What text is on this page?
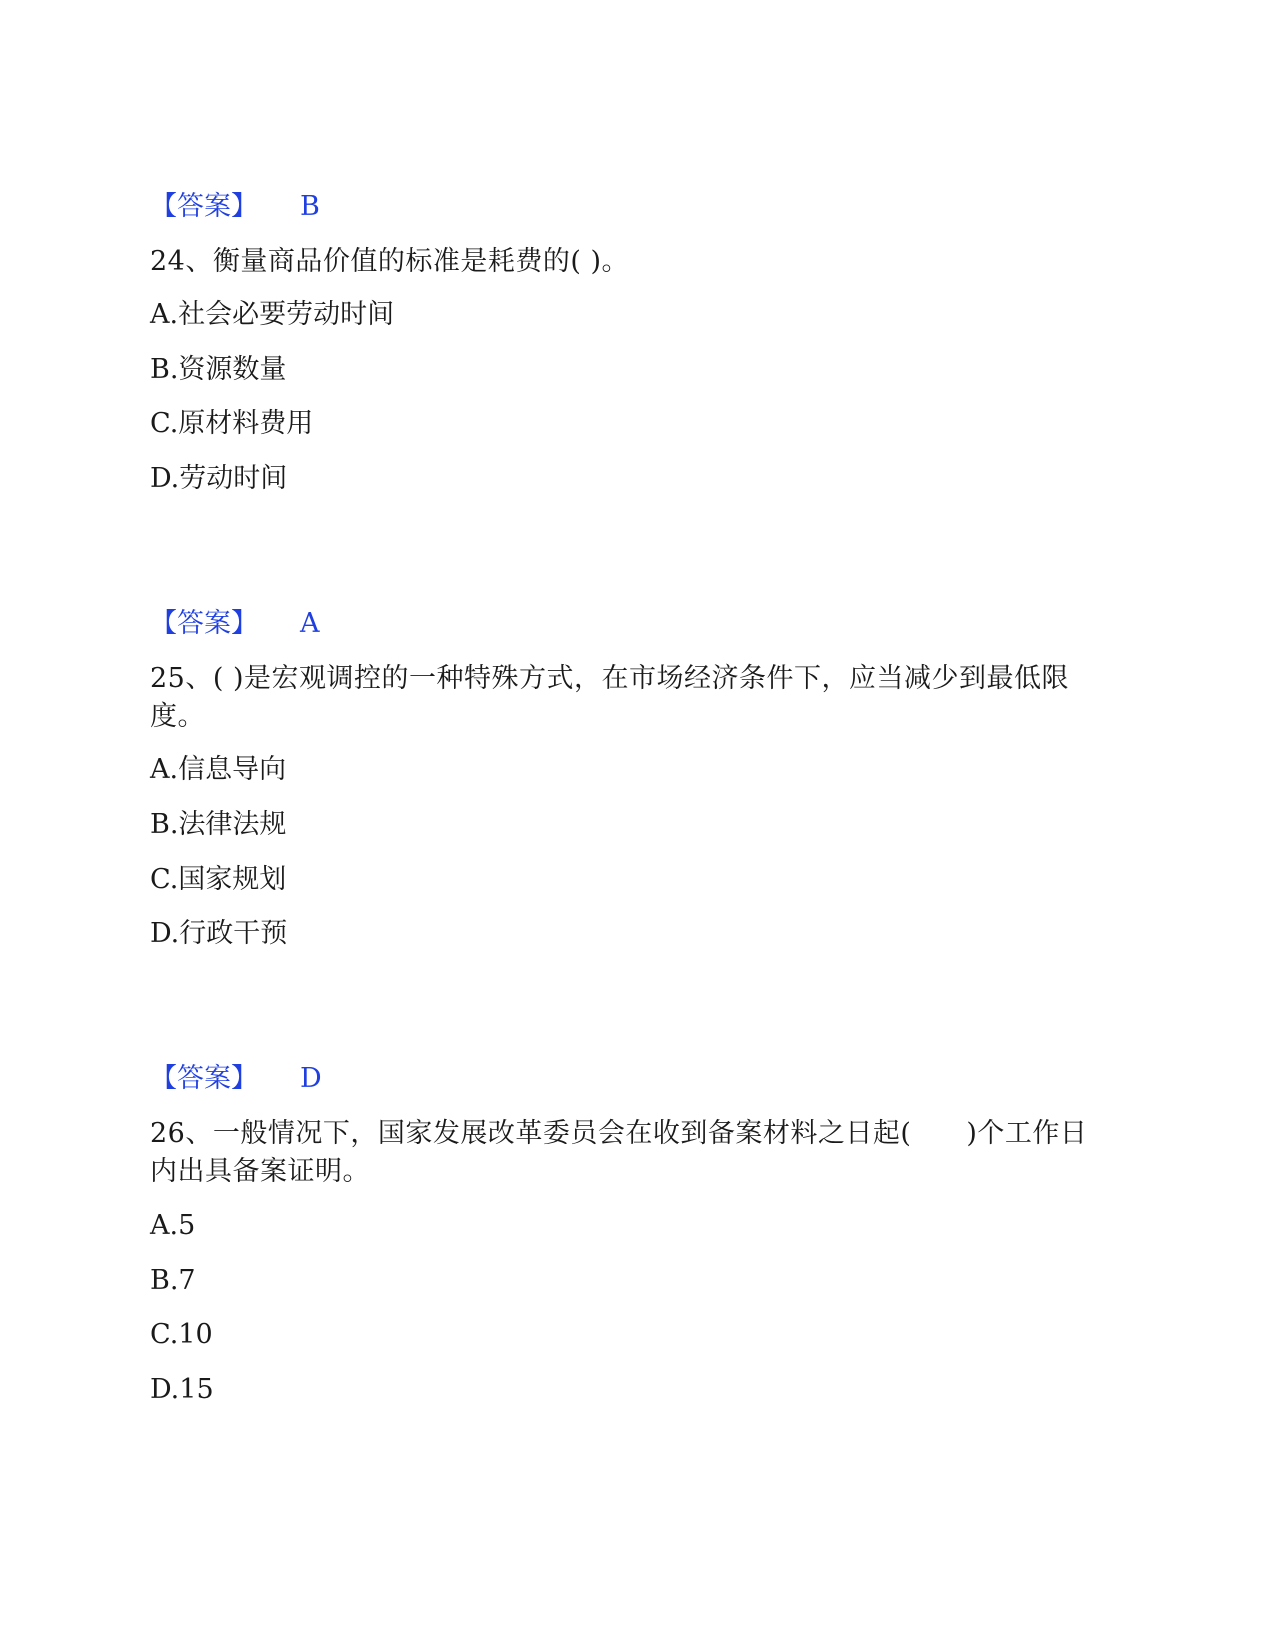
【答案】 B
24、衡量商品价值的标准是耗费的( )。
A.社会必要劳动时间
B.资源数量
C.原材料费用
D.劳动时间
【答案】 A
25、( )是宏观调控的一种特殊方式，在市场经济条件下，应当减少到最低限度。
A.信息导向
B.法律法规
C.国家规划
D.行政干预
【答案】 D
26、一般情况下，国家发展改革委员会在收到备案材料之日起(　　)个工作日内出具备案证明。
A.5
B.7
C.10
D.15
